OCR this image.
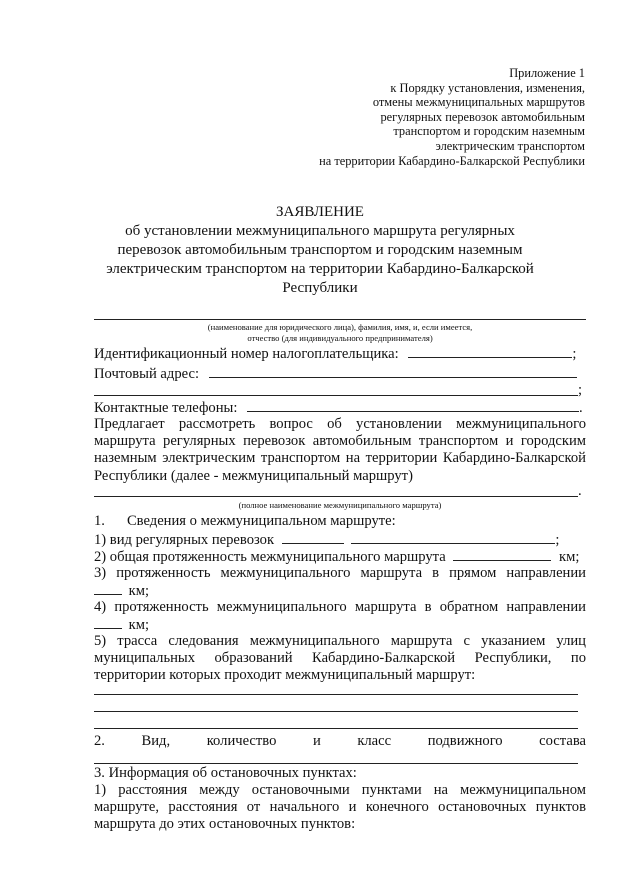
Приложение 1
к Порядку установления, изменения,
отмены межмуниципальных маршрутов
регулярных перевозок автомобильным
транспортом и городским наземным
электрическим транспортом
на территории Кабардино-Балкарской Республики
ЗАЯВЛЕНИЕ
об установлении межмуниципального маршрута регулярных
перевозок автомобильным транспортом и городским наземным
электрическим транспортом на территории Кабардино-Балкарской
Республики
(наименование для юридического лица), фамилия, имя, и, если имеется,
отчество (для индивидуального предпринимателя)
Идентификационный номер налогоплательщика:	;
Почтовый адрес:
;
Контактные телефоны:	.
Предлагает рассмотреть вопрос об установлении межмуниципального
маршрута регулярных перевозок автомобильным транспортом и городским
наземным электрическим транспортом на территории Кабардино-Балкарской
Республики (далее - межмуниципальный маршрут)
.
(полное наименование межмуниципального маршрута)
1. Сведения о межмуниципальном маршруте:
1) вид регулярных перевозок	;
2) общая протяженность межмуниципального маршрута	км;
3) протяженность межмуниципального маршрута в прямом направлении
км;
4) протяженность межмуниципального маршрута в обратном направлении
км;
5) трасса следования межмуниципального маршрута с указанием улиц
муниципальных образований Кабардино-Балкарской Республики, по
территории которых проходит межмуниципальный маршрут:
2.	Вид,	количество	и	класс	подвижного	состава
3. Информация об остановочных пунктах:
1) расстояния между остановочными пунктами на межмуниципальном
маршруте, расстояния от начального и конечного остановочных пунктов
маршрута до этих остановочных пунктов:
